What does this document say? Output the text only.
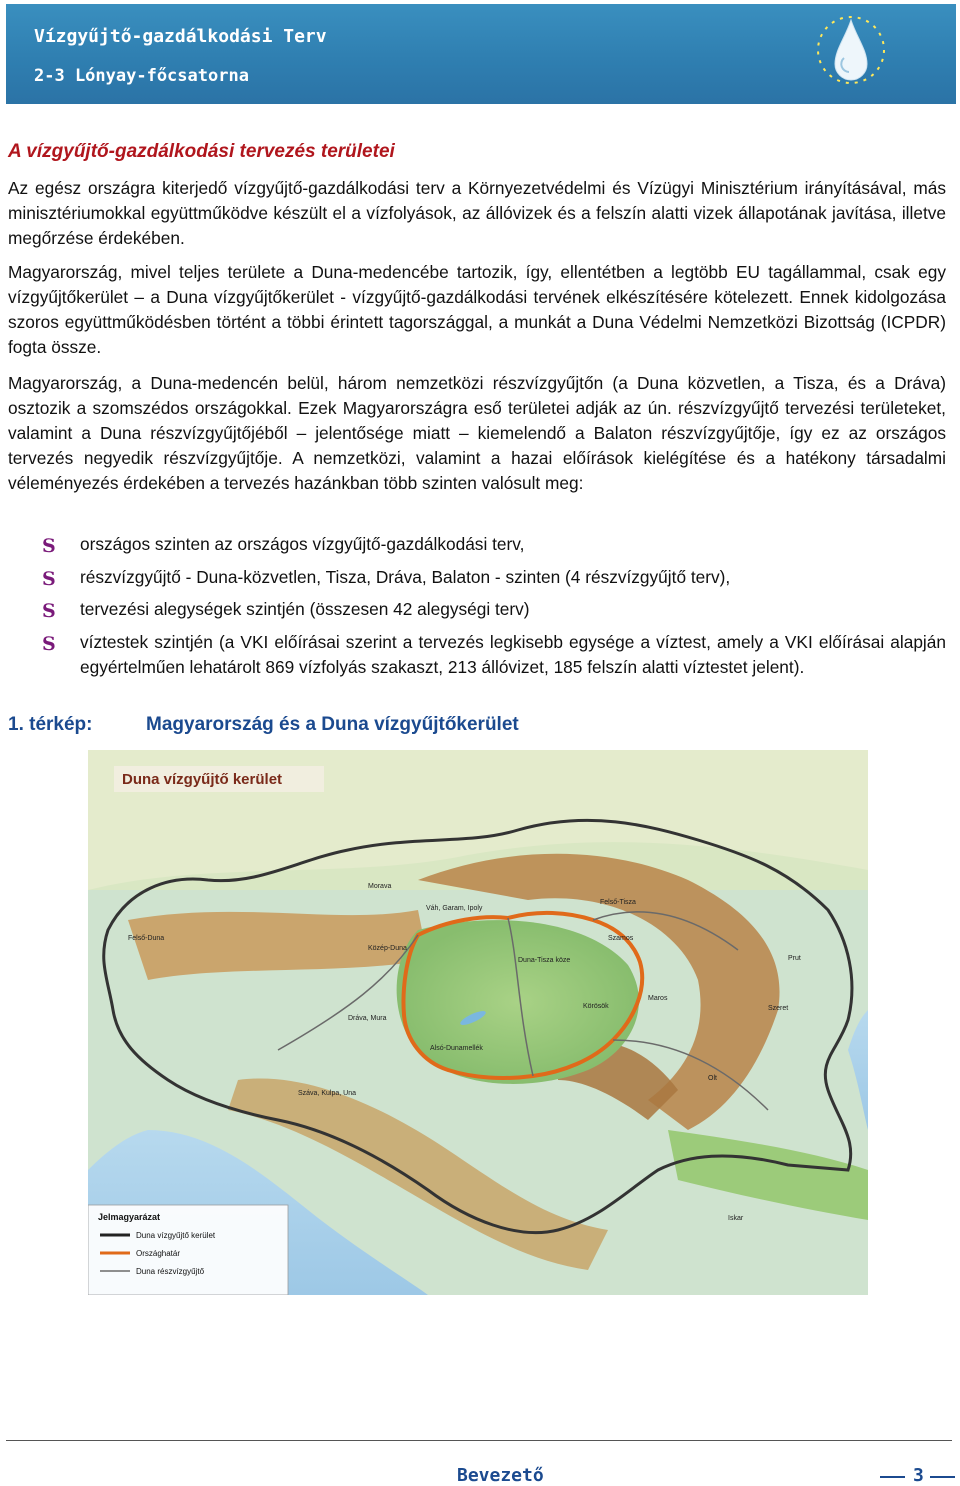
Vízgyűjtő-gazdálkodási Terv
2-3 Lónyay-főcsatorna
A vízgyűjtő-gazdálkodási tervezés területei

Az egész országra kiterjedő vízgyűjtő-gazdálkodási terv a Környezetvédelmi és Vízügyi Minisztérium irányításával, más minisztériumokkal együttműködve készült el a vízfolyások, az állóvizek és a felszín alatti vizek állapotának javítása, illetve megőrzése érdekében.

Magyarország, mivel teljes területe a Duna-medencébe tartozik, így, ellentétben a legtöbb EU tagállammal, csak egy vízgyűjtőkerület – a Duna vízgyűjtőkerület - vízgyűjtő-gazdálkodási tervének elkészítésére kötelezett. Ennek kidolgozása szoros együttműködésben történt a többi érintett tagországgal, a munkát a Duna Védelmi Nemzetközi Bizottság (ICPDR) fogta össze.

Magyarország, a Duna-medencén belül, három nemzetközi részvízgyűjtőn (a Duna közvetlen, a Tisza, és a Dráva) osztozik a szomszédos országokkal. Ezek Magyarországra eső területei adják az ún. részvízgyűjtő tervezési területeket, valamint a Duna részvízgyűjtőjéből – jelentősége miatt – kiemelendő a Balaton részvízgyűjtője, így ez az országos tervezés negyedik részvízgyűjtője. A nemzetközi, valamint a hazai előírások kielégítése és a hatékony társadalmi véleményezés érdekében a tervezés hazánkban több szinten valósult meg:

S országos szinten az országos vízgyűjtő-gazdálkodási terv,
S részvízgyűjtő - Duna-közvetlen, Tisza, Dráva, Balaton - szinten (4 részvízgyűjtő terv),
S tervezési alegységek szintjén (összesen 42 alegységi terv)
S víztestek szintjén (a VKI előírásai szerint a tervezés legkisebb egysége a víztest, amely a VKI előírásai alapján egyértelműen lehatárolt 869 vízfolyás szakaszt, 213 állóvizet, 185 felszín alatti víztestet jelent).
1. térkép:	Magyarország és a Duna vízgyűjtőkerület
Duna vízgyűjtő kerület
Felső-Duna
Morava
Váh, Garam, Ipoly
Felső-Tisza
Duna-Tisza köze
Szamos
Körösök
Maros
Alsó-Dunamellék
Dráva, Mura
Száva, Kulpa, Una
Közép-Duna
Iskar
Olt
Prut
Szeret
Jelmagyarázat
Duna vízgyűjtő kerület
Országhatár
Duna részvízgyűjtő
Bevezető	3
